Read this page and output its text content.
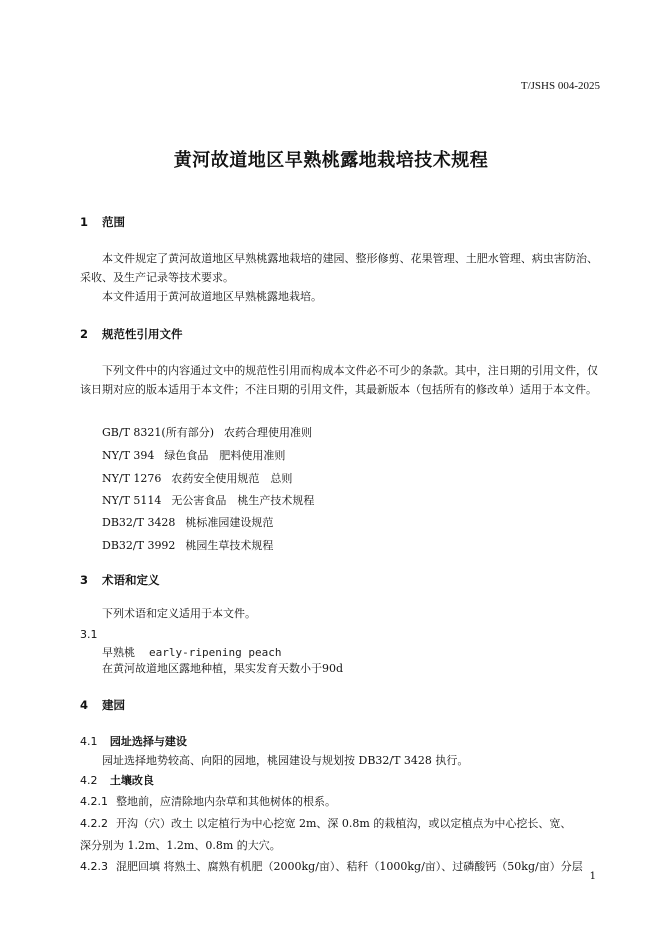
T/JSHS 004-2025
黄河故道地区早熟桃露地栽培技术规程
1 范围
本文件规定了黄河故道地区早熟桃露地栽培的建园、整形修剪、花果管理、土肥水管理、病虫害防治、采收、及生产记录等技术要求。
本文件适用于黄河故道地区早熟桃露地栽培。
2 规范性引用文件
下列文件中的内容通过文中的规范性引用而构成本文件必不可少的条款。其中，注日期的引用文件，仅该日期对应的版本适用于本文件；不注日期的引用文件，其最新版本（包括所有的修改单）适用于本文件。
GB/T 8321(所有部分) 农药合理使用准则
NY/T 394 绿色食品　肥料使用准则
NY/T 1276 农药安全使用规范　总则
NY/T 5114 无公害食品　桃生产技术规程
DB32/T 3428 桃标准园建设规范
DB32/T 3992 桃园生草技术规程
3 术语和定义
下列术语和定义适用于本文件。
3.1
早熟桃 early-ripening peach
在黄河故道地区露地种植，果实发育天数小于90d
4 建园
4.1 园址选择与建设
园址选择地势较高、向阳的园地，桃园建设与规划按 DB32/T 3428 执行。
4.2 土壤改良
4.2.1 整地前，应清除地内杂草和其他树体的根系。
4.2.2 开沟（穴）改土 以定植行为中心挖宽 2m、深 0.8m 的栽植沟，或以定植点为中心挖长、宽、
深分别为 1.2m、1.2m、0.8m 的大穴。
4.2.3 混肥回填 将熟土、腐熟有机肥（2000kg/亩）、秸秆（1000kg/亩）、过磷酸钙（50kg/亩）分层
1
